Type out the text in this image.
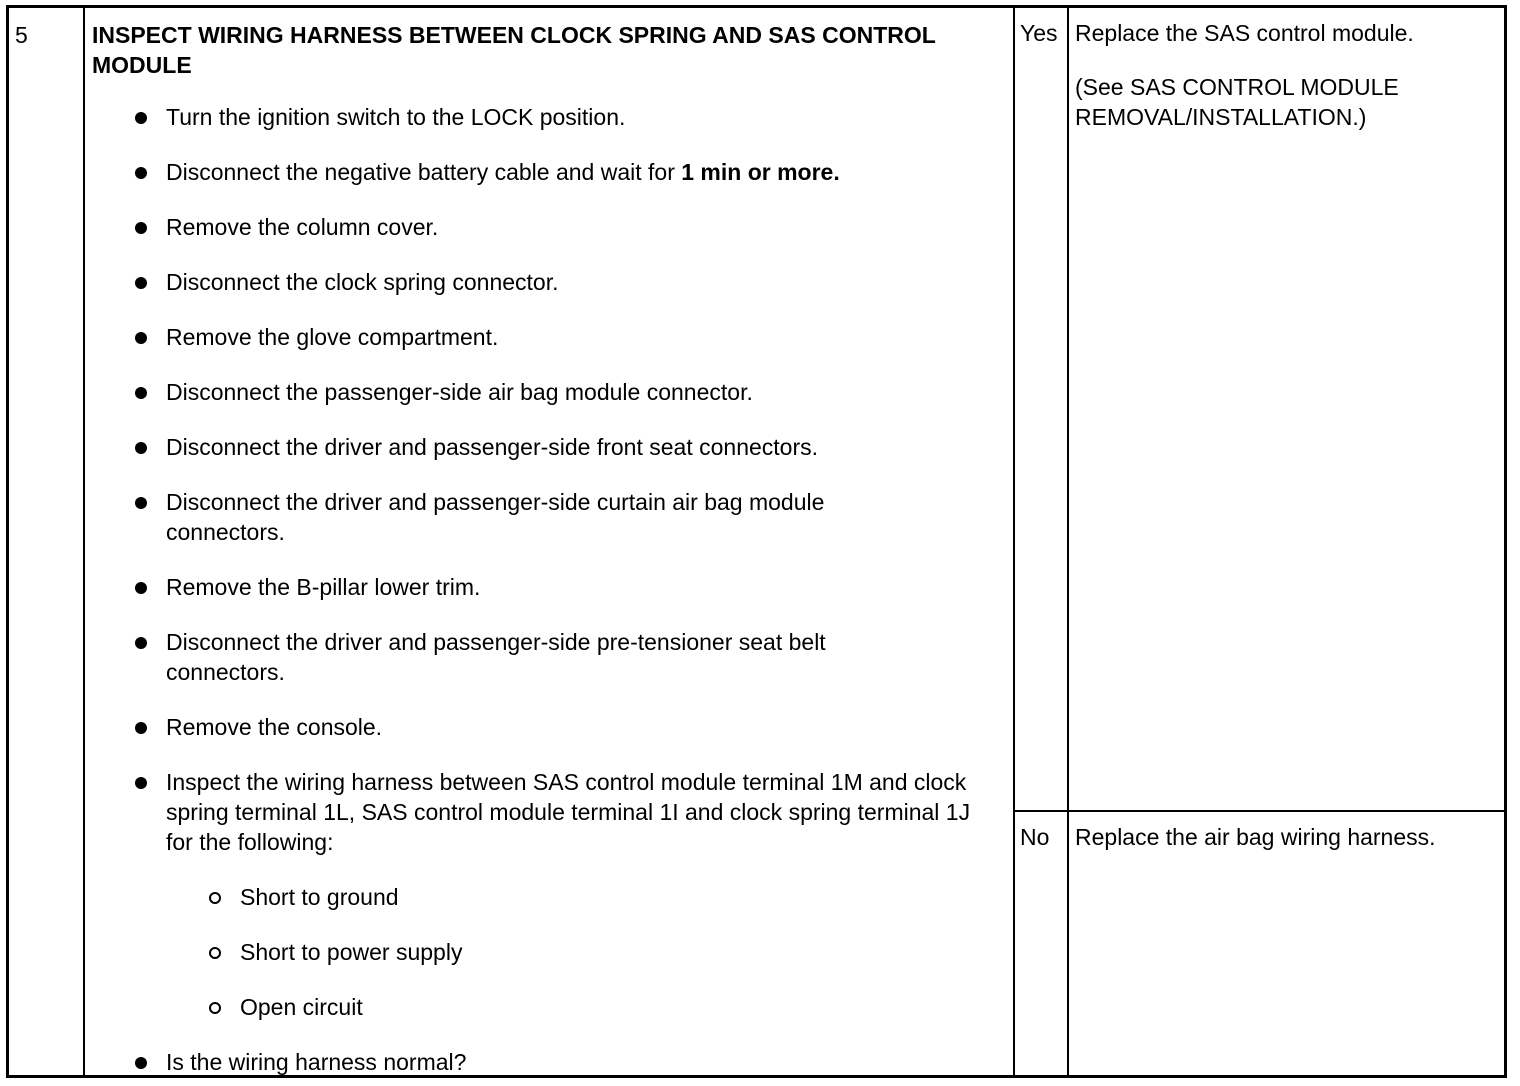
5	INSPECT WIRING HARNESS BETWEEN CLOCK SPRING AND SAS CONTROL MODULE
Turn the ignition switch to the LOCK position.
Disconnect the negative battery cable and wait for 1 min or more.
Remove the column cover.
Disconnect the clock spring connector.
Remove the glove compartment.
Disconnect the passenger-side air bag module connector.
Disconnect the driver and passenger-side front seat connectors.
Disconnect the driver and passenger-side curtain air bag module connectors.
Remove the B-pillar lower trim.
Disconnect the driver and passenger-side pre-tensioner seat belt connectors.
Remove the console.
Inspect the wiring harness between SAS control module terminal 1M and clock spring terminal 1L, SAS control module terminal 1I and clock spring terminal 1J for the following:
Short to ground
Short to power supply
Open circuit
Is the wiring harness normal?
Yes Replace the SAS control module.
(See SAS CONTROL MODULE REMOVAL/INSTALLATION.)
No Replace the air bag wiring harness.
